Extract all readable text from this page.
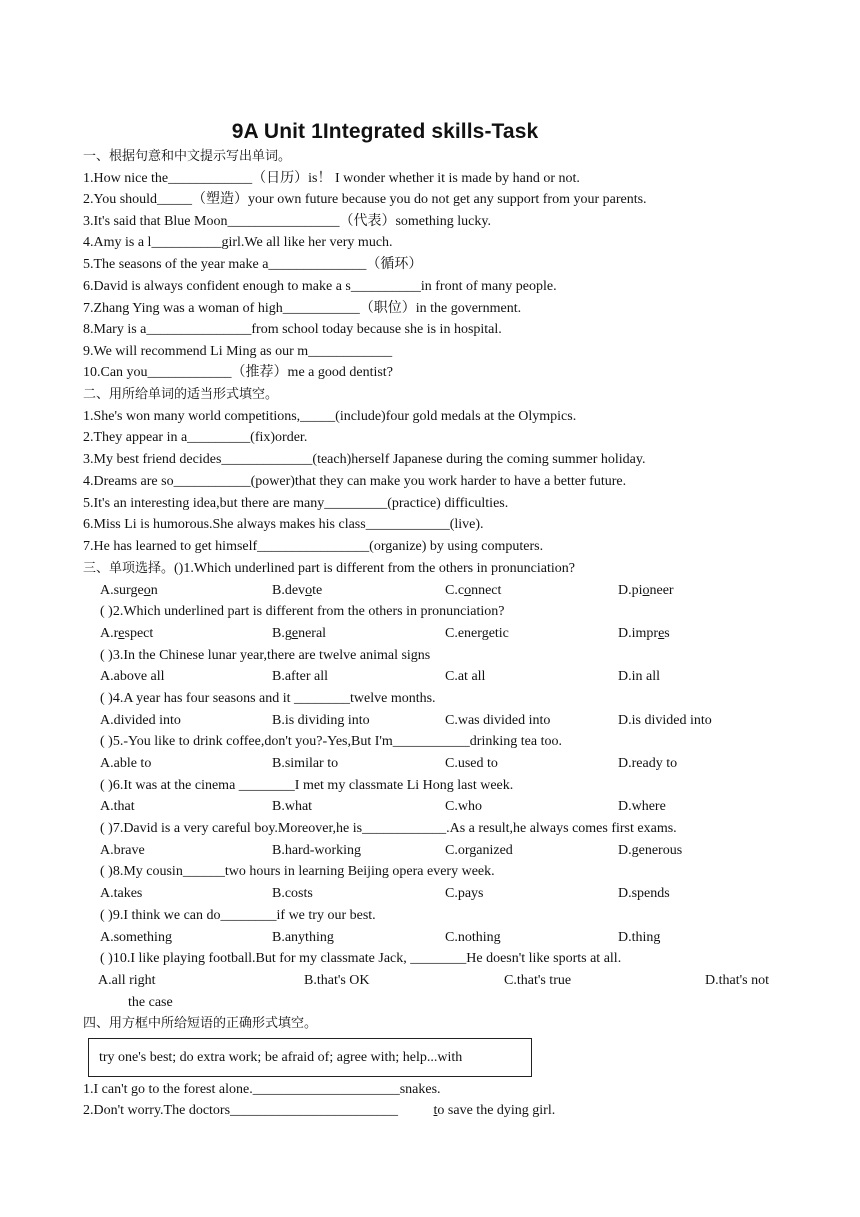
9A Unit 1Integrated skills-Task
一、根据句意和中文提示写出单词。
1.How nice the____________（日历）is！ I wonder whether it is made by hand or not.
2.You should_____（塑造）your own future because you do not get any support from your parents.
3.It's said that Blue Moon________________（代表）something lucky.
4.Amy is a l__________girl.We all like her very much.
5.The seasons of the year make a______________（循环）
6.David is always confident enough to make a s__________in front of many people.
7.Zhang Ying was a woman of high___________（职位）in the government.
8.Mary is a_______________from school today because she is in hospital.
9.We will recommend Li Ming as our m____________
10.Can you____________（推荐）me a good dentist?
二、用所给单词的适当形式填空。
1.She's won many world competitions,_____(include)four gold medals at the Olympics.
2.They appear in a_________(fix)order.
3.My best friend decides_____________(teach)herself Japanese during the coming summer holiday.
4.Dreams are so___________(power)that they can make you work harder to have a better future.
5.It's an interesting idea,but there are many_________(practice) difficulties.
6.Miss Li is humorous.She always makes his class____________(live).
7.He has learned to get himself________________(organize) by using computers.
三、单项选择。()1.Which underlined part is different from the others in pronunciation?
A.surgeon	B.devote	C.connect	D.pioneer
( )2.Which underlined part is different from the others in pronunciation?
A.respect	B.general	C.energetic	D.impres
( )3.In the Chinese lunar year,there are twelve animal signs
A.above all	B.after all	C.at all	D.in all
( )4.A year has four seasons and it ________twelve months.
A.divided into	B.is dividing into	C.was divided into	D.is divided into
( )5.-You like to drink coffee,don't you?-Yes,But I'm___________drinking tea too.
A.able to	B.similar to	C.used to	D.ready to
( )6.It was at the cinema ________I met my classmate Li Hong last week.
A.that	B.what	C.who	D.where
( )7.David is a very careful boy.Moreover,he is____________.As a result,he always comes first exams.
A.brave	B.hard-working	C.organized	D.generous
( )8.My cousin______two hours in learning Beijing opera every week.
A.takes	B.costs	C.pays	D.spends
( )9.I think we can do________if we try our best.
A.something	B.anything	C.nothing	D.thing
( )10.I like playing football.But for my classmate Jack, ________He doesn't like sports at all.
A.all right	B.that's OK	C.that's true	D.that's not
the case
四、用方框中所给短语的正确形式填空。
try one's best; do extra work; be afraid of; agree with; help...with
1.I can't go to the forest alone._____________________snakes.
2.Don't worry.The doctors________________________ to save the dying girl.
